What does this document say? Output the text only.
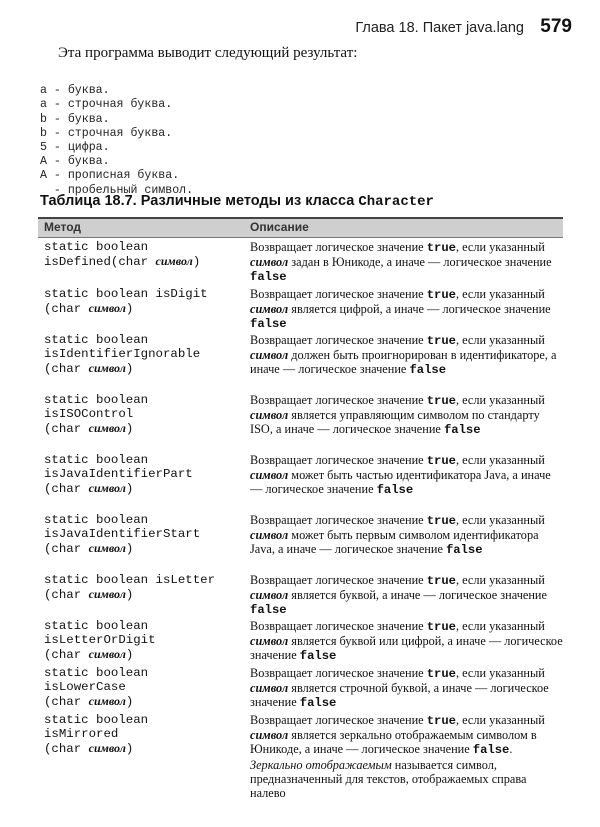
Глава 18. Пакет java.lang 579
Эта программа выводит следующий результат:

a - буква.
a - строчная буква.
b - буква.
b - строчная буква.
5 - цифра.
A - буква.
A - прописная буква.
- пробельный символ.

Таблица 18.7. Различные методы из класса Character
Метод	Описание
static boolean
isDefined(char символ)
Возвращает логическое значение true, если указанный символ задан в Юникоде, а иначе — логическое значение false
static boolean isDigit
(char символ)
Возвращает логическое значение true, если указанный символ является цифрой, а иначе — логическое значение false
static boolean
isIdentifierIgnorable
(char символ)
Возвращает логическое значение true, если указанный символ должен быть проигнорирован в идентификаторе, а иначе — логическое значение false
static boolean
isISOControl
(char символ)
Возвращает логическое значение true, если указанный символ является управляющим символом по стандарту ISO, а иначе — логическое значение false
static boolean
isJavaIdentifierPart
(char символ)
Возвращает логическое значение true, если указанный символ может быть частью идентификатора Java, а иначе — логическое значение false
static boolean
isJavaIdentifierStart
(char символ)
Возвращает логическое значение true, если указанный символ может быть первым символом идентификатора Java, а иначе — логическое значение false
static boolean isLetter
(char символ)
Возвращает логическое значение true, если указанный символ является буквой, а иначе — логическое значение false
static boolean
isLetterOrDigit
(char символ)
Возвращает логическое значение true, если указанный символ является буквой или цифрой, а иначе — логическое значение false
static boolean
isLowerCase
(char символ)
Возвращает логическое значение true, если указанный символ является строчной буквой, а иначе — логическое значение false
static boolean
isMirrored
(char символ)
Возвращает логическое значение true, если указанный символ является зеркально отображаемым символом в Юникоде, а иначе — логическое значение false.
Зеркально отображаемым называется символ, предназначенный для текстов, отображаемых справа налево
